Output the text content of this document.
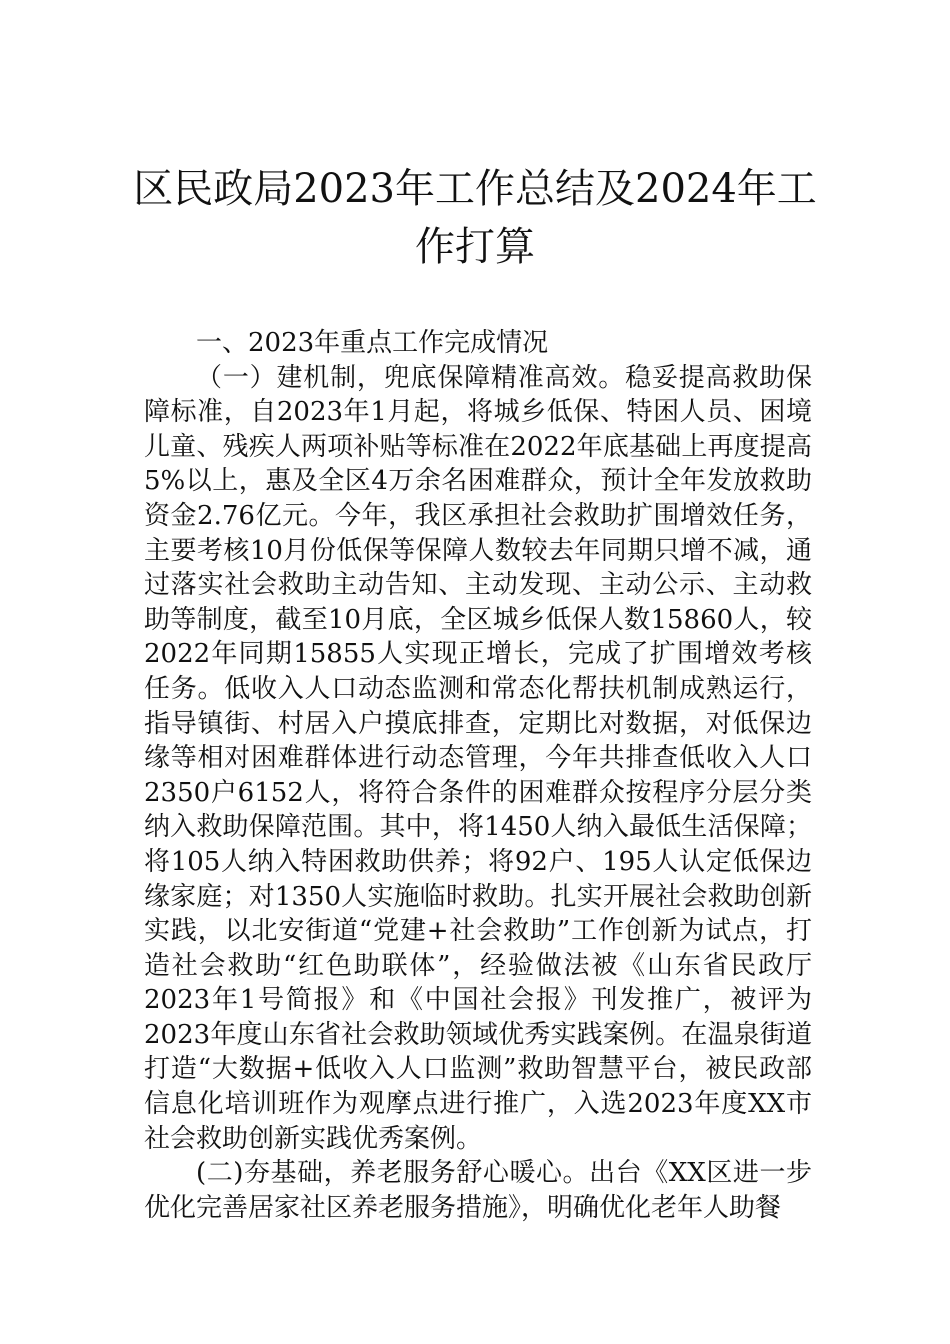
区民政局2023年工作总结及2024年工作打算

一、2023年重点工作完成情况

（一）建机制，兜底保障精准高效。稳妥提高救助保障标准，自2023年1月起，将城乡低保、特困人员、困境儿童、残疾人两项补贴等标准在2022年底基础上再度提高5%以上，惠及全区4万余名困难群众，预计全年发放救助资金2.76亿元。今年，我区承担社会救助扩围增效任务，主要考核10月份低保等保障人数较去年同期只增不减，通过落实社会救助主动告知、主动发现、主动公示、主动救助等制度，截至10月底，全区城乡低保人数15860人，较2022年同期15855人实现正增长，完成了扩围增效考核任务。低收入人口动态监测和常态化帮扶机制成熟运行，指导镇街、村居入户摸底排查，定期比对数据，对低保边缘等相对困难群体进行动态管理，今年共排查低收入人口2350户6152人，将符合条件的困难群众按程序分层分类纳入救助保障范围。其中，将1450人纳入最低生活保障；将105人纳入特困救助供养；将92户、195人认定低保边缘家庭；对1350人实施临时救助。扎实开展社会救助创新实践，以北安街道“党建+社会救助”工作创新为试点，打造社会救助“红色助联体”，经验做法被《山东省民政厅2023年1号简报》和《中国社会报》刊发推广，被评为2023年度山东省社会救助领域优秀实践案例。在温泉街道打造“大数据+低收入人口监测”救助智慧平台，被民政部信息化培训班作为观摩点进行推广，入选2023年度XX市社会救助创新实践优秀案例。

(二)夯基础，养老服务舒心暖心。出台《XX区进一步优化完善居家社区养老服务措施》，明确优化老年人助餐
